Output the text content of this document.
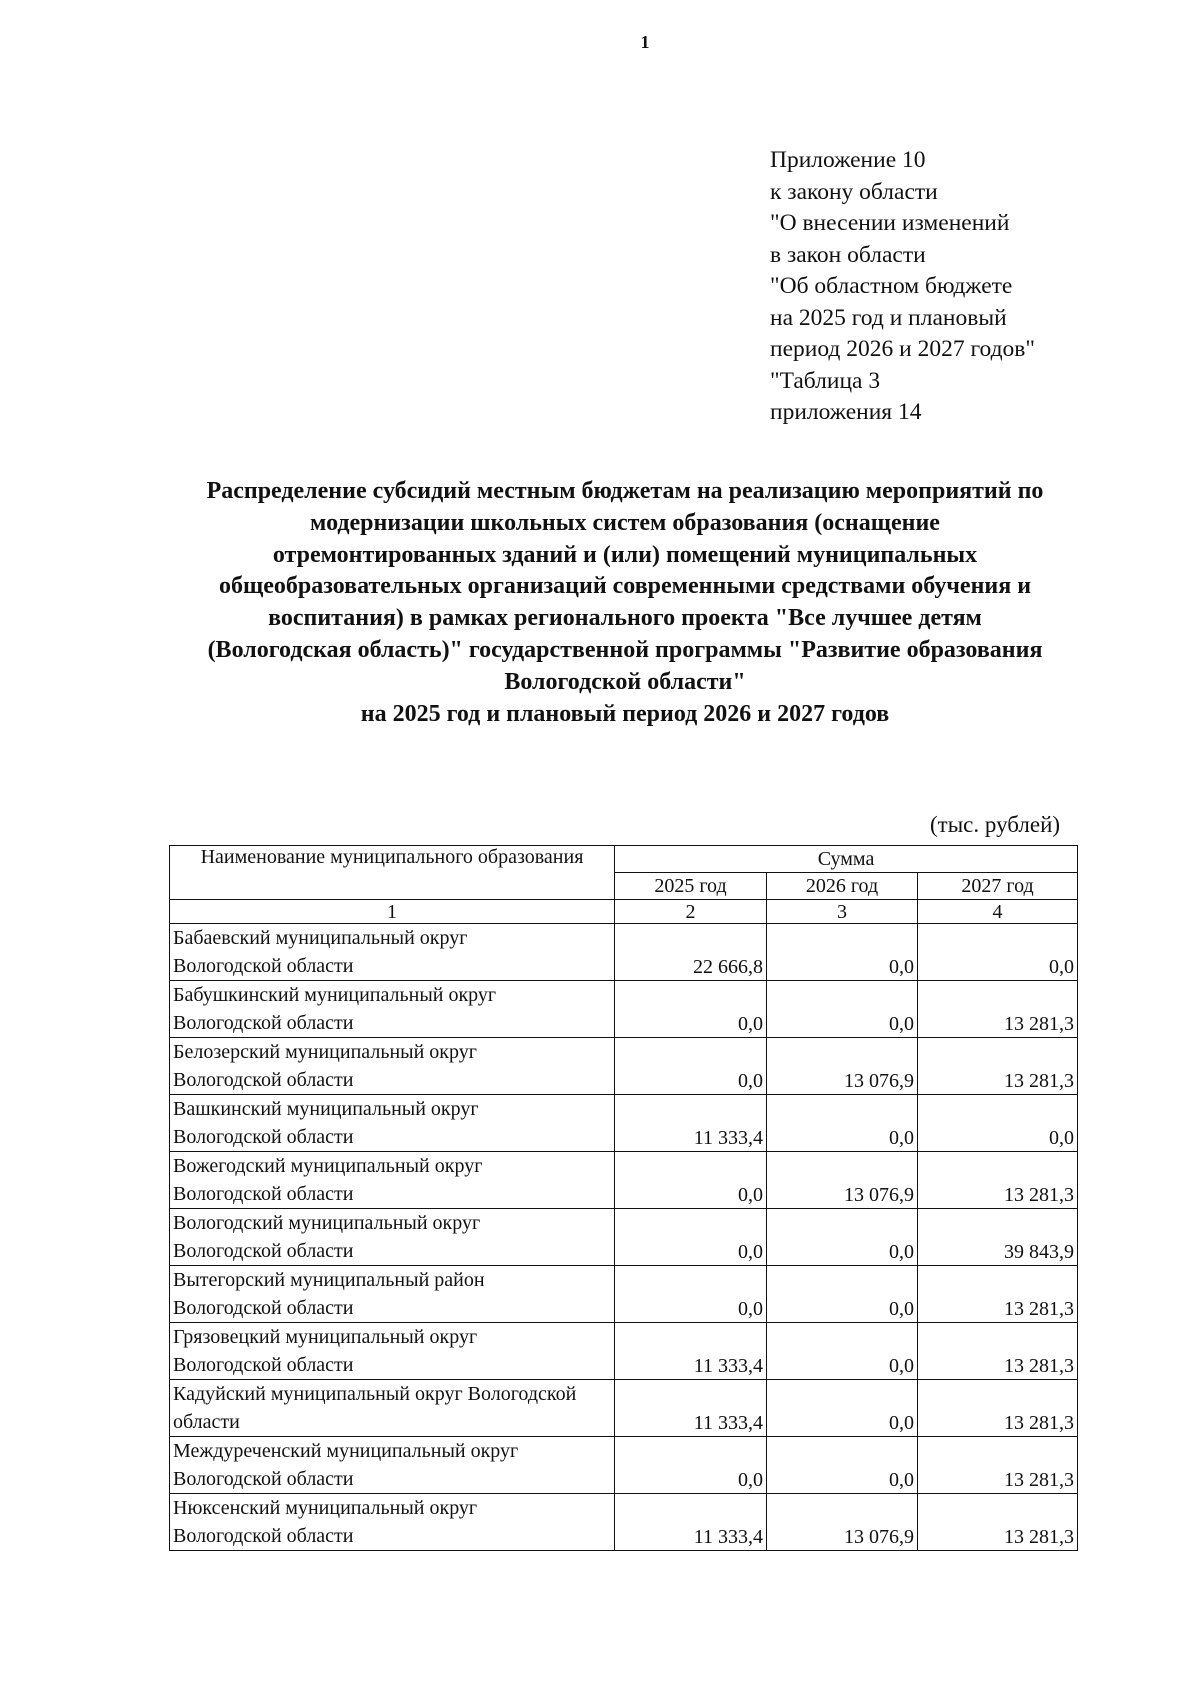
1
Приложение 10
к закону области
"О внесении изменений
в закон области
"Об областном бюджете
на 2025 год и плановый
период 2026 и 2027 годов"
"Таблица 3
приложения 14
Распределение субсидий местным бюджетам на реализацию мероприятий по
модернизации школьных систем образования (оснащение
отремонтированных зданий и (или) помещений муниципальных
общеобразовательных организаций современными средствами обучения и
воспитания) в рамках регионального проекта "Все лучшее детям
(Вологодская область)" государственной программы "Развитие образования
Вологодской области"
на 2025 год и плановый период 2026 и 2027 годов
(тыс. рублей)
Наименование муниципального образования	Сумма		
	2025 год	2026 год	2027 год
1	2	3	4

Бабаевский муниципальный округ
Вологодской области	22 666,8	0,0	0,0

Бабушкинский муниципальный округ
Вологодской области	0,0	0,0	13 281,3

Белозерский муниципальный округ
Вологодской области	0,0	13 076,9	13 281,3

Вашкинский муниципальный округ
Вологодской области	11 333,4	0,0	0,0

Вожегодский муниципальный округ
Вологодской области	0,0	13 076,9	13 281,3

Вологодский муниципальный округ
Вологодской области	0,0	0,0	39 843,9

Вытегорский муниципальный район
Вологодской области	0,0	0,0	13 281,3

Грязовецкий муниципальный округ
Вологодской области	11 333,4	0,0	13 281,3

Кадуйский муниципальный округ Вологодской
области	11 333,4	0,0	13 281,3

Междуреченский муниципальный округ
Вологодской области	0,0	0,0	13 281,3

Нюксенский муниципальный округ
Вологодской области	11 333,4	13 076,9	13 281,3
